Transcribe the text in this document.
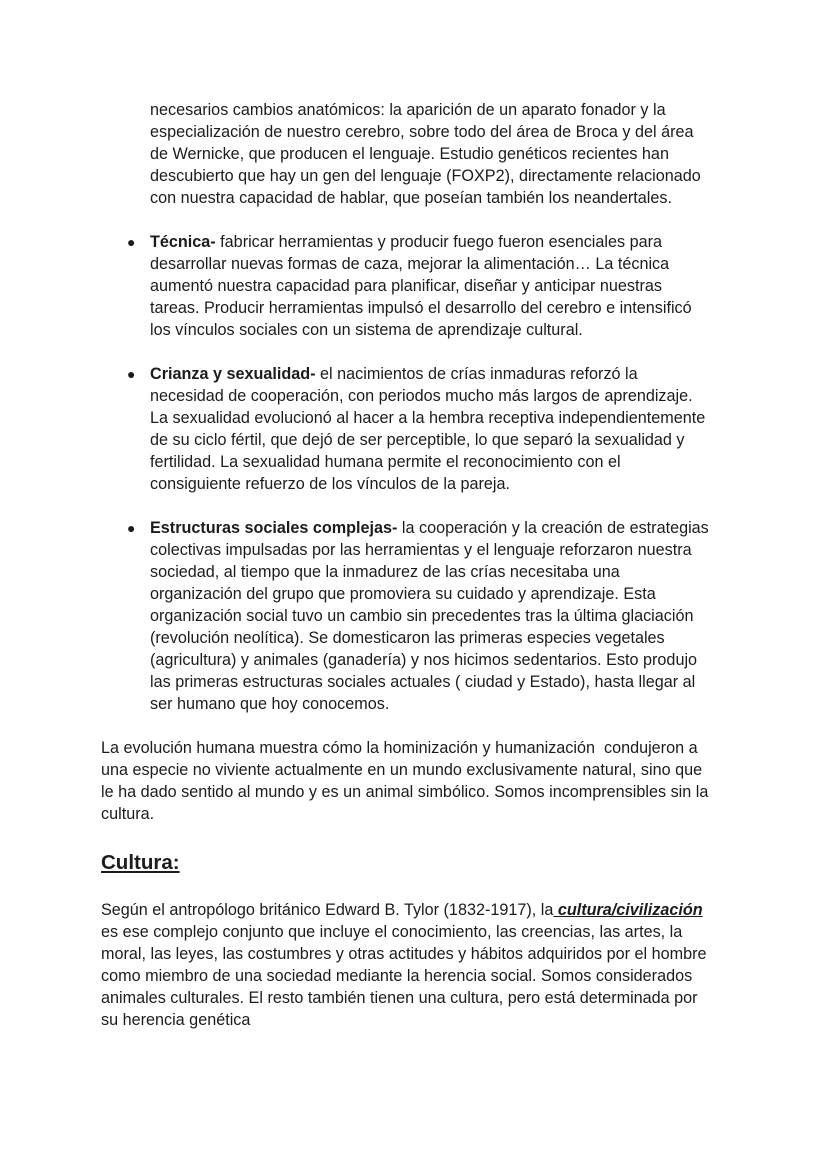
necesarios cambios anatómicos: la aparición de un aparato fonador y la
especialización de nuestro cerebro, sobre todo del área de Broca y del área
de Wernicke, que producen el lenguaje. Estudio genéticos recientes han
descubierto que hay un gen del lenguaje (FOXP2), directamente relacionado
con nuestra capacidad de hablar, que poseían también los neandertales.
● Técnica- fabricar herramientas y producir fuego fueron esenciales para
desarrollar nuevas formas de caza, mejorar la alimentación… La técnica
aumentó nuestra capacidad para planificar, diseñar y anticipar nuestras
tareas. Producir herramientas impulsó el desarrollo del cerebro e intensificó
los vínculos sociales con un sistema de aprendizaje cultural.
● Crianza y sexualidad- el nacimientos de crías inmaduras reforzó la
necesidad de cooperación, con periodos mucho más largos de aprendizaje.
La sexualidad evolucionó al hacer a la hembra receptiva independientemente
de su ciclo fértil, que dejó de ser perceptible, lo que separó la sexualidad y
fertilidad. La sexualidad humana permite el reconocimiento con el
consiguiente refuerzo de los vínculos de la pareja.
● Estructuras sociales complejas- la cooperación y la creación de estrategias
colectivas impulsadas por las herramientas y el lenguaje reforzaron nuestra
sociedad, al tiempo que la inmadurez de las crías necesitaba una
organización del grupo que promoviera su cuidado y aprendizaje. Esta
organización social tuvo un cambio sin precedentes tras la última glaciación
(revolución neolítica). Se domesticaron las primeras especies vegetales
(agricultura) y animales (ganadería) y nos hicimos sedentarios. Esto produjo
las primeras estructuras sociales actuales ( ciudad y Estado), hasta llegar al
ser humano que hoy conocemos.
La evolución humana muestra cómo la hominización y humanización  condujeron a
una especie no viviente actualmente en un mundo exclusivamente natural, sino que
le ha dado sentido al mundo y es un animal simbólico. Somos incomprensibles sin la
cultura.
Cultura:
Según el antropólogo británico Edward B. Tylor (1832-1917), la cultura/civilización
es ese complejo conjunto que incluye el conocimiento, las creencias, las artes, la
moral, las leyes, las costumbres y otras actitudes y hábitos adquiridos por el hombre
como miembro de una sociedad mediante la herencia social. Somos considerados
animales culturales. El resto también tienen una cultura, pero está determinada por
su herencia genética
